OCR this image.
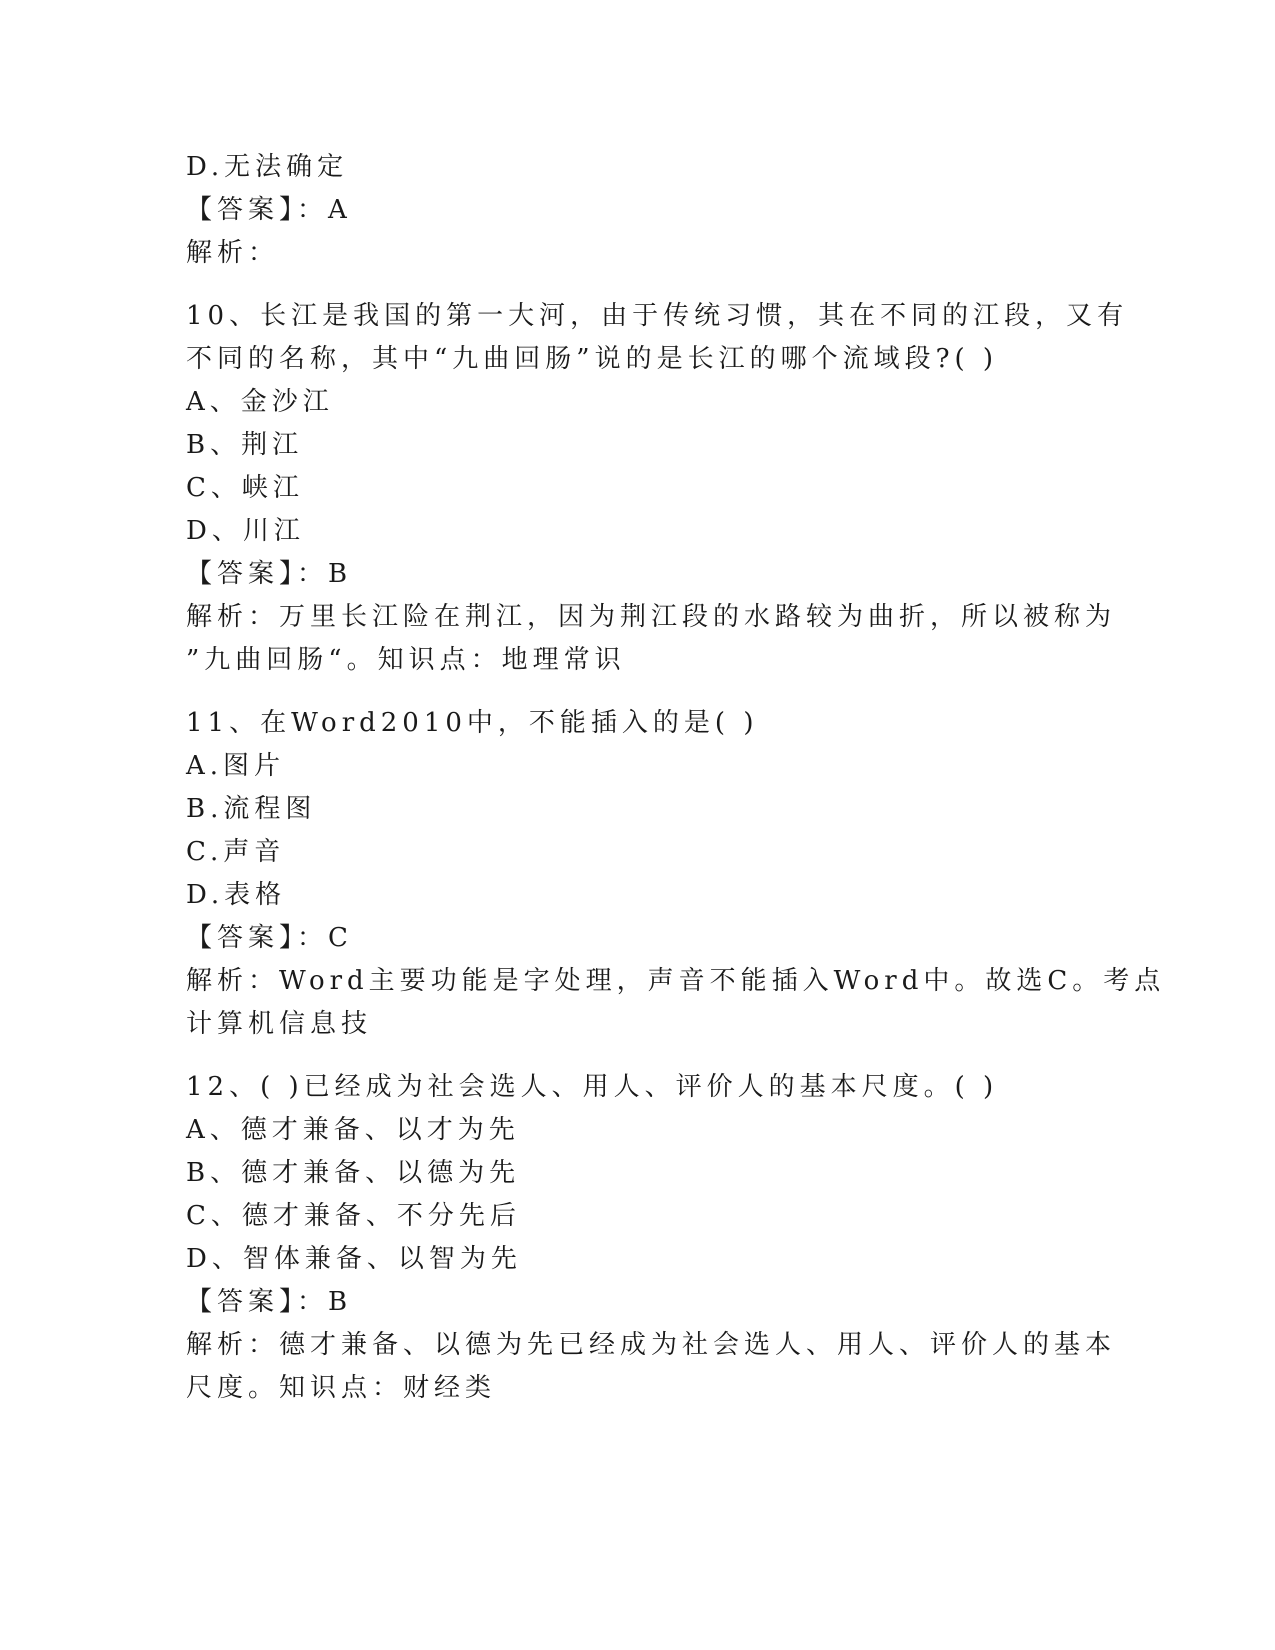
D.无法确定
【答案】：A
解析：
10、长江是我国的第一大河，由于传统习惯，其在不同的江段，又有
不同的名称，其中“九曲回肠”说的是长江的哪个流域段?( )
A、金沙江
B、荆江
C、峡江
D、川江
【答案】：B
解析：万里长江险在荆江，因为荆江段的水路较为曲折，所以被称为
”九曲回肠“。知识点：地理常识
11、在Word2010中，不能插入的是( )
A.图片
B.流程图
C.声音
D.表格
【答案】：C
解析：Word主要功能是字处理，声音不能插入Word中。故选C。考点
计算机信息技
12、( )已经成为社会选人、用人、评价人的基本尺度。( )
A、德才兼备、以才为先
B、德才兼备、以德为先
C、德才兼备、不分先后
D、智体兼备、以智为先
【答案】：B
解析：德才兼备、以德为先已经成为社会选人、用人、评价人的基本
尺度。知识点：财经类
